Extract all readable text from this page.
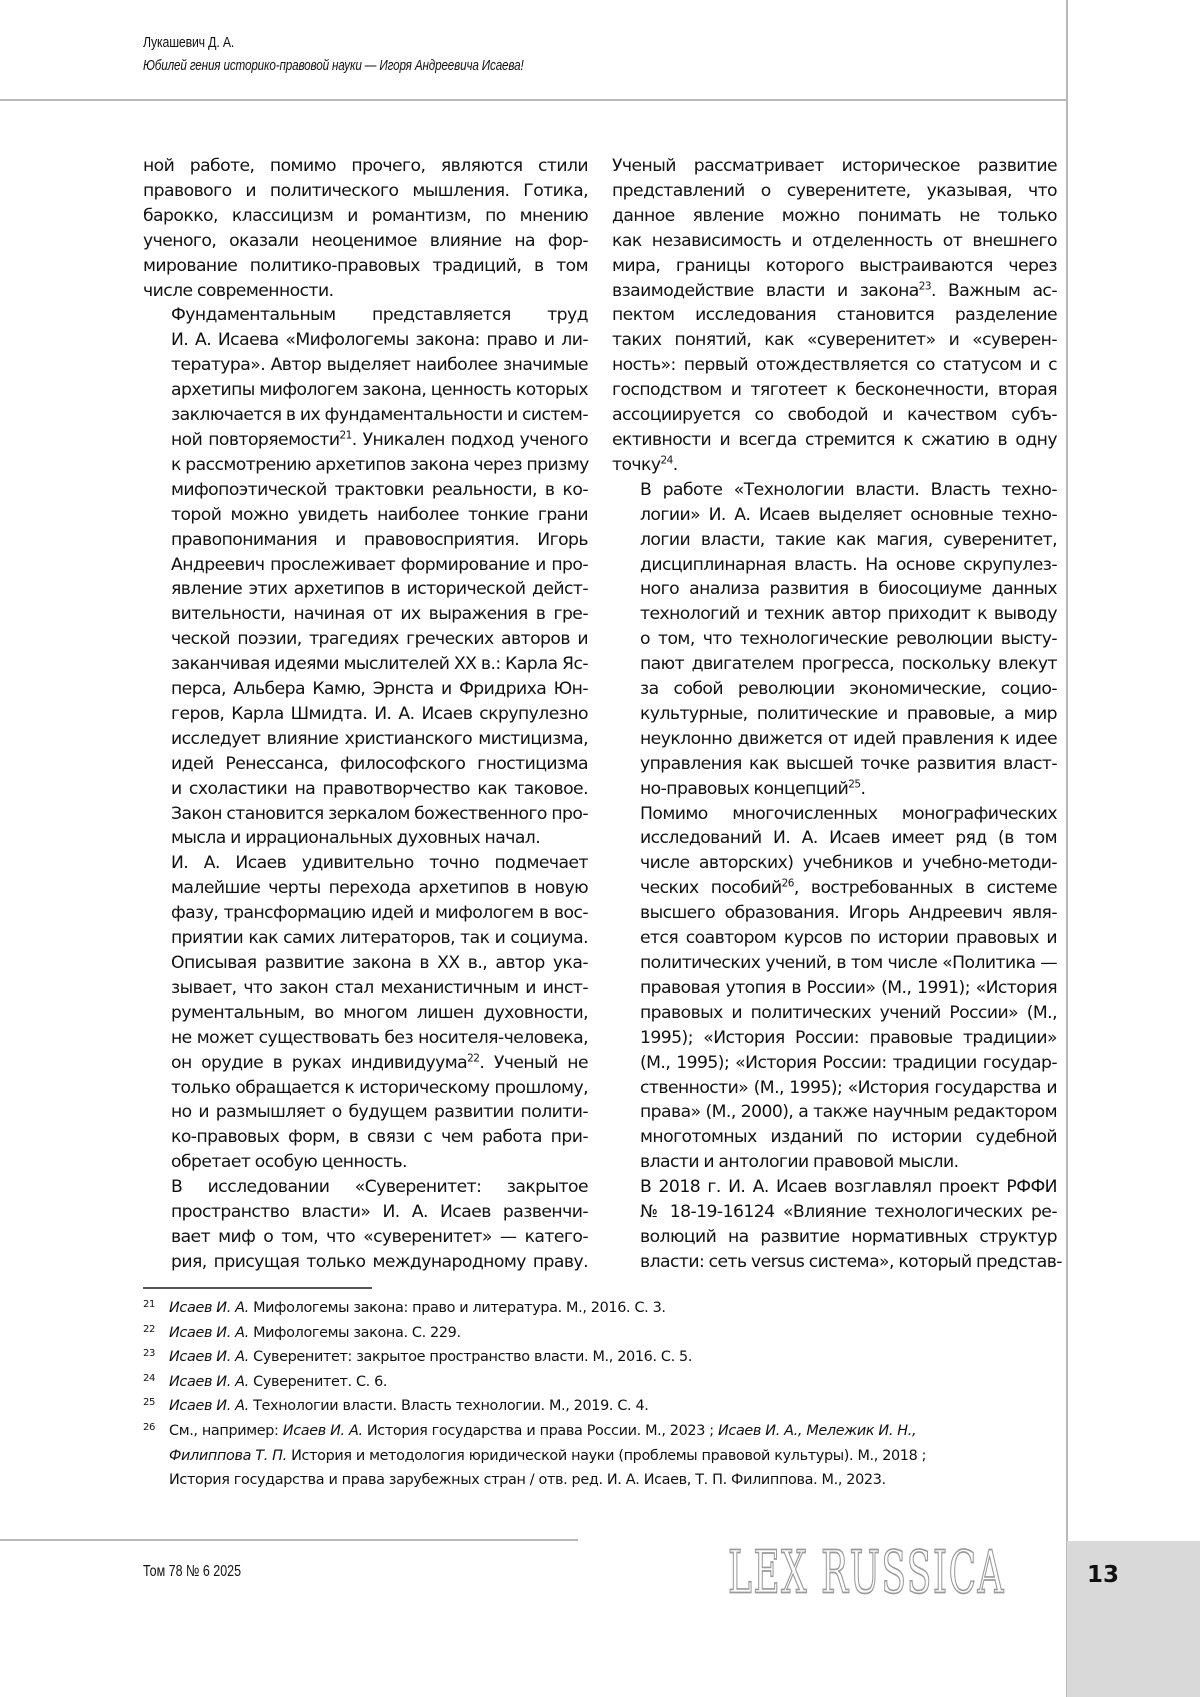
13
Лукашевич Д. А.
Юбилей гения историко-правовой науки — Игоря Андреевича Исаева!

ной работе, помимо прочего, являются стили
правового и политического мышления. Готика,
барокко, классицизм и романтизм, по мнению
ученого, оказали неоценимое влияние на фор-
мирование политико-правовых традиций, в том
числе современности.

Фундаментальным представляется труд
И. А. Исаева «Мифологемы закона: право и ли-
тература». Автор выделяет наиболее значимые
архетипы мифологем закона, ценность которых
заключается в их фундаментальности и систем-
ной повторяемости$^{21}$. Уникален подход ученого
к рассмотрению архетипов закона через призму
мифопоэтической трактовки реальности, в ко-
торой можно увидеть наиболее тонкие грани
правопонимания и правовосприятия. Игорь
Андреевич прослеживает формирование и про-
явление этих архетипов в исторической дейст-
вительности, начиная от их выражения в гре-
ческой поэзии, трагедиях греческих авторов и
заканчивая идеями мыслителей XX в.: Карла Яс-
перса, Альбера Камю, Эрнста и Фридриха Юн-
геров, Карла Шмидта. И. А. Исаев скрупулезно
исследует влияние христианского мистицизма,
идей Ренессанса, философского гностицизма
и схоластики на правотворчество как таковое.
Закон становится зеркалом божественного про-
мысла и иррациональных духовных начал.

И. А. Исаев удивительно точно подмечает
малейшие черты перехода архетипов в новую
фазу, трансформацию идей и мифологем в вос-
приятии как самих литераторов, так и социума.
Описывая развитие закона в XX в., автор ука-
зывает, что закон стал механистичным и инст-
рументальным, во многом лишен духовности,
не может существовать без носителя-человека,
он орудие в руках индивидуума$^{22}$. Ученый не
только обращается к историческому прошлому,
но и размышляет о будущем развитии полити-
ко-правовых форм, в связи с чем работа при-
обретает особую ценность.

В исследовании «Суверенитет: закрытое
пространство власти» И. А. Исаев развенчи-
вает миф о том, что «суверенитет» — катего-
рия, присущая только международному праву.

Ученый рассматривает историческое развитие
представлений о суверенитете, указывая, что
данное явление можно понимать не только
как независимость и отделенность от внешнего
мира, границы которого выстраиваются через
взаимодействие власти и закона$^{23}$. Важным ас-
пектом исследования становится разделение
таких понятий, как «суверенитет» и «суверен-
ность»: первый отождествляется со статусом и с
господством и тяготеет к бесконечности, вторая
ассоциируется со свободой и качеством субъ-
ективности и всегда стремится к сжатию в одну
точку$^{24}$.

В работе «Технологии власти. Власть техно-
логии» И. А. Исаев выделяет основные техно-
логии власти, такие как магия, суверенитет,
дисциплинарная власть. На основе скрупулез-
ного анализа развития в биосоциуме данных
технологий и техник автор приходит к выводу
о том, что технологические революции высту-
пают двигателем прогресса, поскольку влекут
за собой революции экономические, социо-
культурные, политические и правовые, а мир
неуклонно движется от идей правления к идее
управления как высшей точке развития власт-
но-правовых концепций$^{25}$.

Помимо многочисленных монографических
исследований И. А. Исаев имеет ряд (в том
числе авторских) учебников и учебно-методи-
ческих пособий$^{26}$, востребованных в системе
высшего образования. Игорь Андреевич явля-
ется соавтором курсов по истории правовых и
политических учений, в том числе «Политика —
правовая утопия в России» (М., 1991); «История
правовых и политических учений России» (М.,
1995); «История России: правовые традиции»
(М., 1995); «История России: традиции государ-
ственности» (М., 1995); «История государства и
права» (М., 2000), а также научным редактором
многотомных изданий по истории судебной
власти и антологии правовой мысли.

В 2018 г. И. А. Исаев возглавлял проект РФФИ
№ 18-19-16124 «Влияние технологических ре-
волюций на развитие нормативных структур
власти: сеть versus система», который представ-

21 Исаев И. А. Мифологемы закона: право и литература. М., 2016. С. 3.
22 Исаев И. А. Мифологемы закона. С. 229.
23 Исаев И. А. Суверенитет: закрытое пространство власти. М., 2016. С. 5.
24 Исаев И. А. Суверенитет. С. 6.
25 Исаев И. А. Технологии власти. Власть технологии. М., 2019. С. 4.
26 См., например: Исаев И. А. История государства и права России. М., 2023 ; Исаев И. А., Мележик И. Н.,
Филиппова Т. П. История и методология юридической науки (проблемы правовой культуры). М., 2018 ;
История государства и права зарубежных стран / отв. ред. И. А. Исаев, Т. П. Филиппова. М., 2023.
Том 78 № 6 2025	LEX RUSSICA
